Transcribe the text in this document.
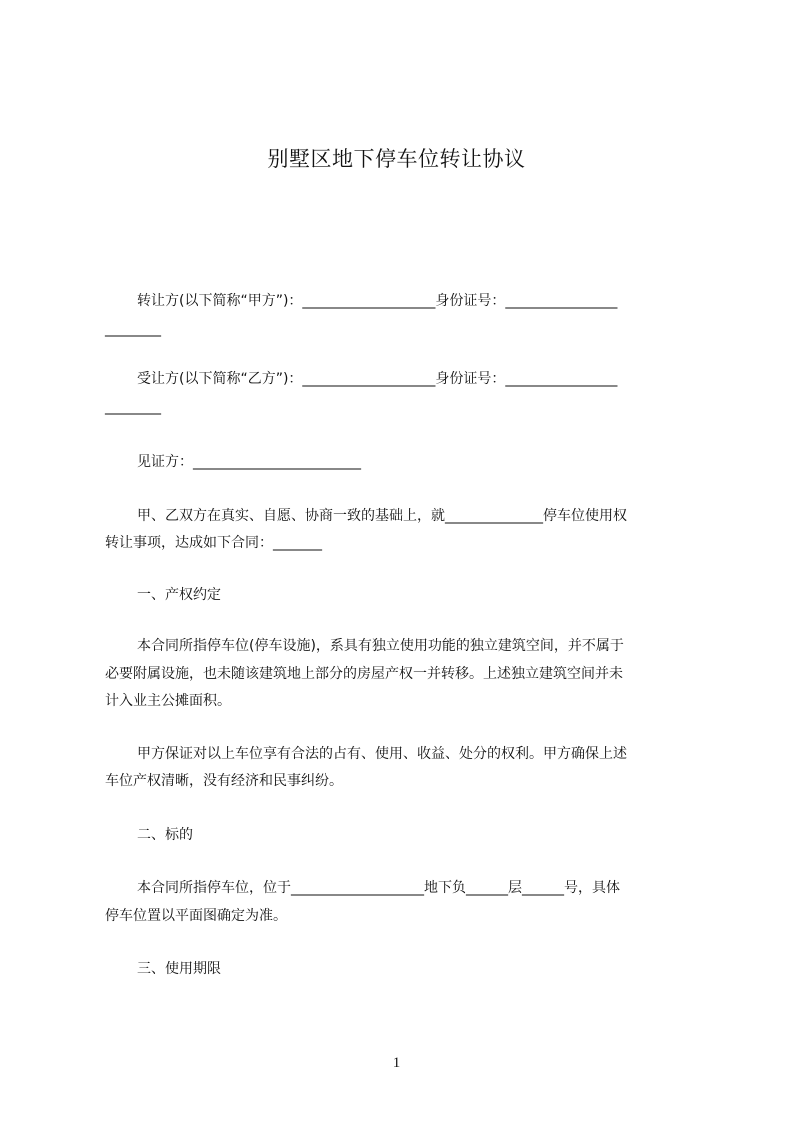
别墅区地下停车位转让协议
转让方(以下简称“甲方”)：___________________身份证号：________________
________
受让方(以下简称“乙方”)：___________________身份证号：________________
________
见证方：________________________
甲、乙双方在真实、自愿、协商一致的基础上，就______________停车位使用权
转让事项，达成如下合同：_______
一、产权约定
本合同所指停车位(停车设施)，系具有独立使用功能的独立建筑空间，并不属于
必要附属设施，也未随该建筑地上部分的房屋产权一并转移。上述独立建筑空间并未
计入业主公摊面积。
甲方保证对以上车位享有合法的占有、使用、收益、处分的权利。甲方确保上述
车位产权清晰，没有经济和民事纠纷。
二、标的
本合同所指停车位，位于___________________地下负______层______号，具体
停车位置以平面图确定为准。
三、使用期限
1
